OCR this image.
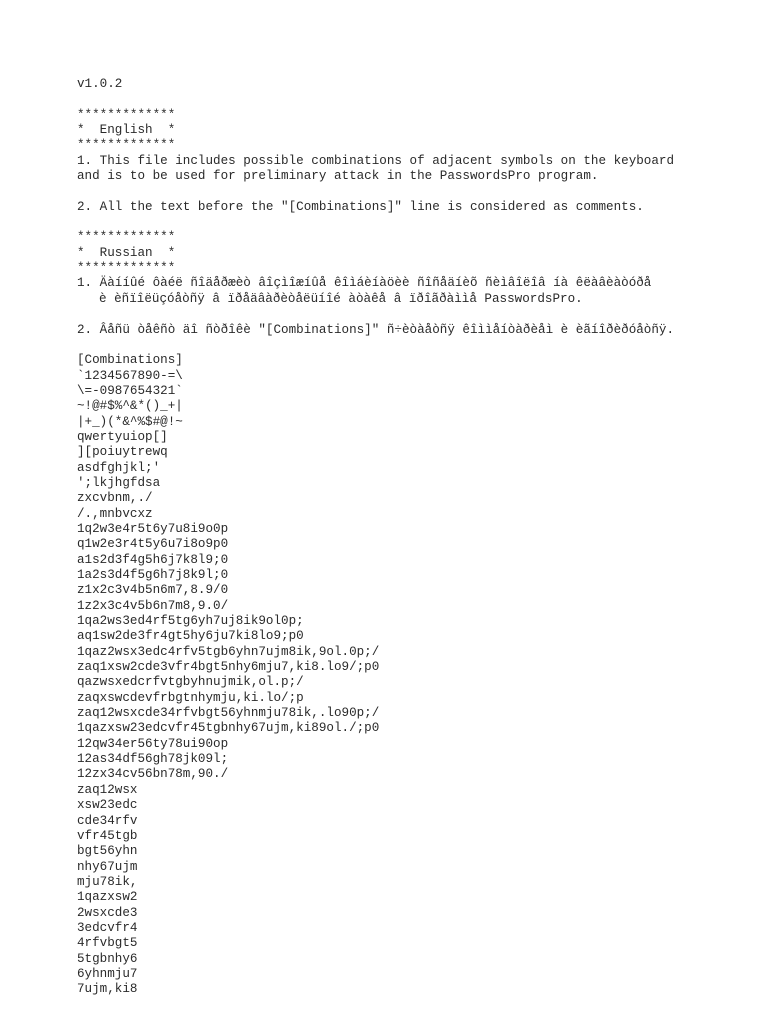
v1.0.2

*************
*  English  *
*************
1. This file includes possible combinations of adjacent symbols on the keyboard
and is to be used for preliminary attack in the PasswordsPro program.

2. All the text before the "[Combinations]" line is considered as comments.

*************
*  Russian  *
*************
1. Äàííûé ôàéë ñîäåðæèò âîçìîæíûå êîìáèíàöèè ñîñåäíèõ ñèìâîëîâ íà êëàâèàòóðå
è èñïîëüçóåòñÿ â ïðåäâàðèòåëüíîé àòàêå â ïðîãðàììå PasswordsPro.

2. Âåñü òåêñò äî ñòðîêè "[Combinations]" ñ÷èòàåòñÿ êîììåíòàðèåì è èãíîðèðóåòñÿ.

[Combinations]
`1234567890-=\
\=-0987654321`
~!@#$%^&*()_+|
|+_)(*&^%$#@!~
qwertyuiop[]
][poiuytrewq
asdfghjkl;'
';lkjhgfdsa
zxcvbnm,./
/.,mnbvcxz
1q2w3e4r5t6y7u8i9o0p
q1w2e3r4t5y6u7i8o9p0
a1s2d3f4g5h6j7k8l9;0
1a2s3d4f5g6h7j8k9l;0
z1x2c3v4b5n6m7,8.9/0
1z2x3c4v5b6n7m8,9.0/
1qa2ws3ed4rf5tg6yh7uj8ik9ol0p;
aq1sw2de3fr4gt5hy6ju7ki8lo9;p0
1qaz2wsx3edc4rfv5tgb6yhn7ujm8ik,9ol.0p;/
zaq1xsw2cde3vfr4bgt5nhy6mju7,ki8.lo9/;p0
qazwsxedcrfvtgbyhnujmik,ol.p;/
zaqxswcdevfrbgtnhymju,ki.lo/;p
zaq12wsxcde34rfvbgt56yhnmju78ik,.lo90p;/
1qazxsw23edcvfr45tgbnhy67ujm,ki89ol./;p0
12qw34er56ty78ui90op
12as34df56gh78jk09l;
12zx34cv56bn78m,90./
zaq12wsx
xsw23edc
cde34rfv
vfr45tgb
bgt56yhn
nhy67ujm
mju78ik,
1qazxsw2
2wsxcde3
3edcvfr4
4rfvbgt5
5tgbnhy6
6yhnmju7
7ujm,ki8
